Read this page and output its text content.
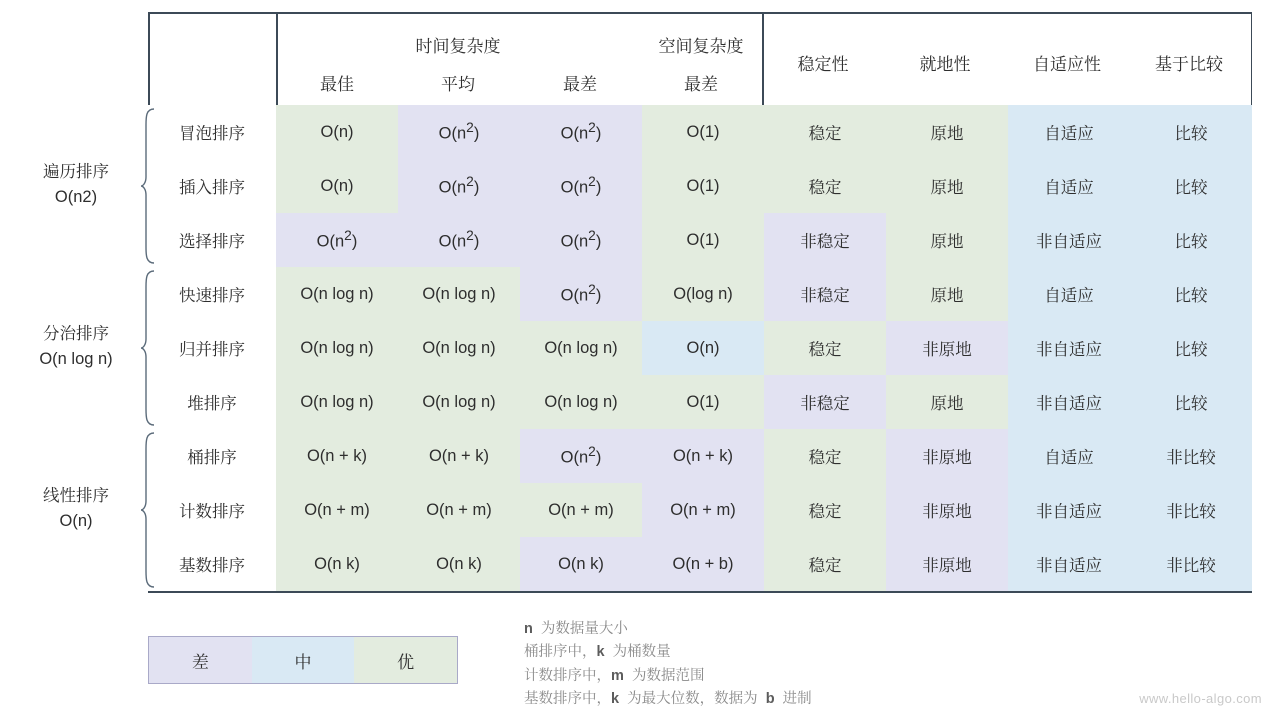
时间复杂度	空间复杂度
最佳	平均	最差	最差
稳定性	就地性	自适应性	基于比较
冒泡排序	O(n)	$O(n^2)$	$O(n^2)$	O(1)	稳定	原地	自适应	比较
插入排序	O(n)	$O(n^2)$	$O(n^2)$	O(1)	稳定	原地	自适应	比较
选择排序	$O(n^2)$	$O(n^2)$	$O(n^2)$	O(1)	非稳定	原地	非自适应	比较
快速排序	O(n log n)	O(n log n)	$O(n^2)$	O(log n)	非稳定	原地	自适应	比较
归并排序	O(n log n)	O(n log n)	O(n log n)	O(n)	稳定	非原地	非自适应	比较
堆排序	O(n log n)	O(n log n)	O(n log n)	O(1)	非稳定	原地	非自适应	比较
桶排序	O(n + k)	O(n + k)	$O(n^2)$	O(n + k)	稳定	非原地	自适应	非比较
计数排序	O(n + m)	O(n + m)	O(n + m)	O(n + m)	稳定	非原地	非自适应	非比较
基数排序	O(n k)	O(n k)	O(n k)	O(n + b)	稳定	非原地	非自适应	非比较
遍历排序
O(n2)
分治排序
O(n log n)
线性排序
O(n)
差	中	优
n  为数据量大小
桶排序中，k  为桶数量
计数排序中，m  为数据范围
基数排序中，k  为最大位数，数据为  b  进制	www.hello-algo.com
